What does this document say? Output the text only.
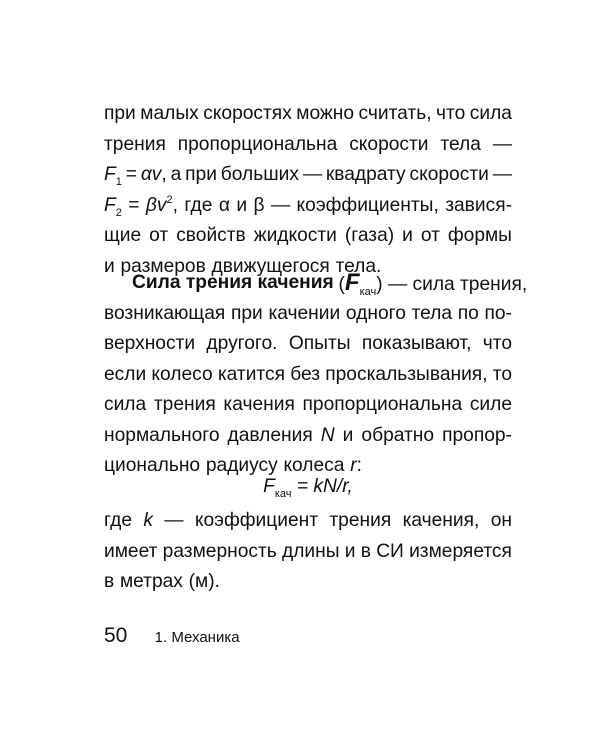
при малых скоростях можно считать, что сила
трения пропорциональна скорости тела —
$F_1 = \alpha v$, а при больших — квадрату скорости —
$F_2 = \beta v^2$, где α и β — коэффициенты, завися-
щие от свойств жидкости (газа) и от формы
и размеров движущегося тела.
Сила трения качения $(F_{кач})$ — сила трения,
возникающая при качении одного тела по по-
верхности другого. Опыты показывают, что
если колесо катится без проскальзывания, то
сила трения качения пропорциональна силе
нормального давления N и обратно пропор-
ционально радиусу колеса r:
$F_{кач} = kN/r$,
где k — коэффициент трения качения, он
имеет размерность длины и в СИ измеряется
в метрах (м).
50 1. Механика
